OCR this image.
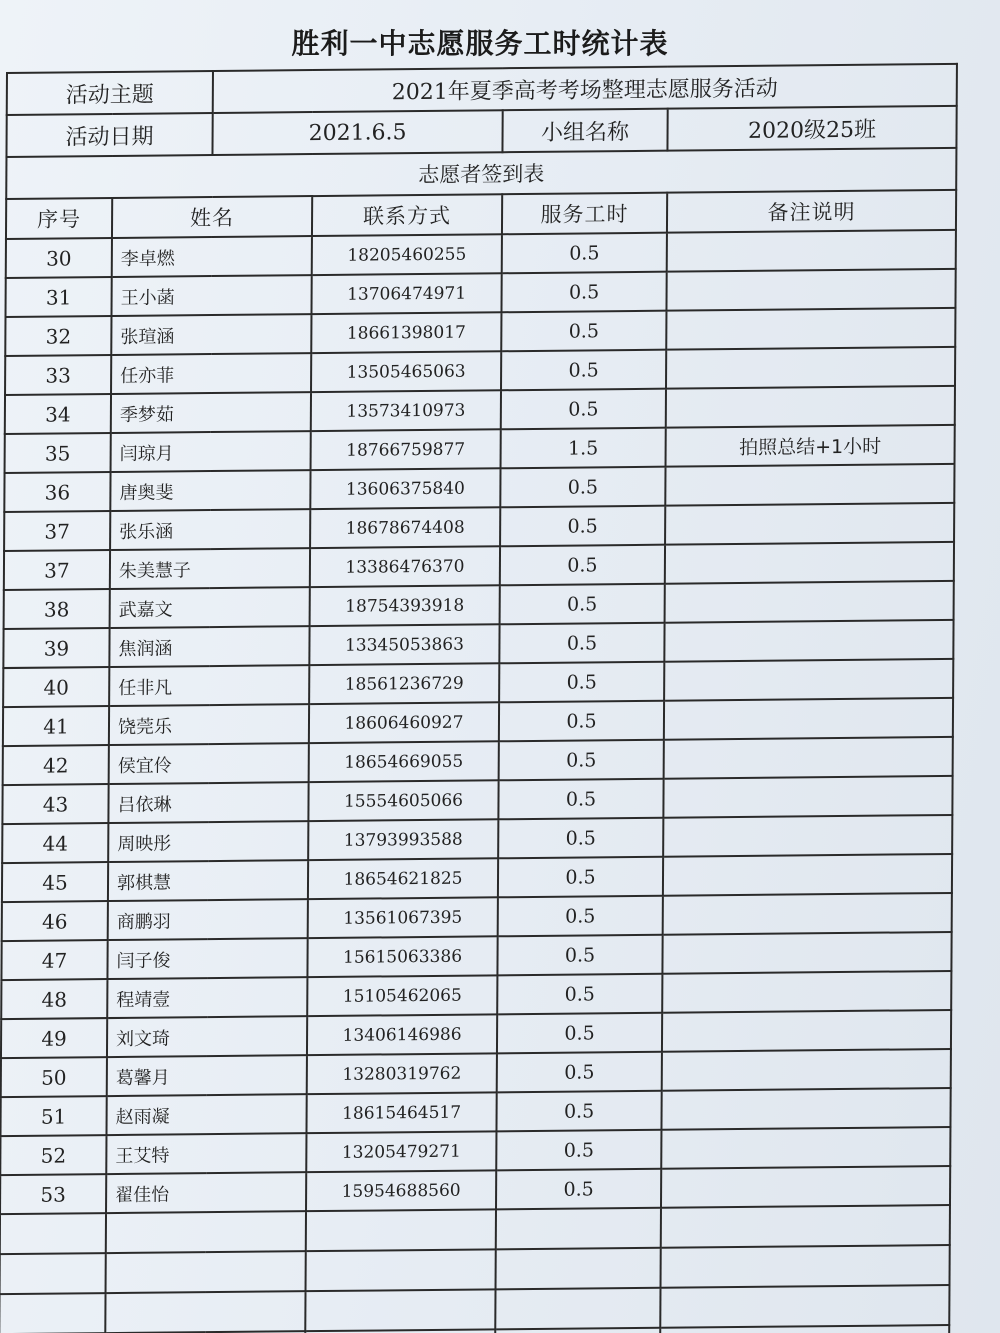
胜利一中志愿服务工时统计表
活动主题		2021年夏季高考考场整理志愿服务活动			
活动日期		2021.6.5		小组名称	2020级25班
志愿者签到表					
序号	姓名		联系方式	服务工时	备注说明
30	李卓燃		18205460255	0.5	
31	王小菡		13706474971	0.5	
32	张瑄涵		18661398017	0.5	
33	任亦菲		13505465063	0.5	
34	季梦茹		13573410973	0.5	
35	闫琼月		18766759877	1.5	拍照总结+1小时
36	唐奥斐		13606375840	0.5	
37	张乐涵		18678674408	0.5	
37	朱美慧子		13386476370	0.5	
38	武嘉文		18754393918	0.5	
39	焦润涵		13345053863	0.5	
40	任非凡		18561236729	0.5	
41	饶莞乐		18606460927	0.5	
42	侯宜伶		18654669055	0.5	
43	吕依琳		15554605066	0.5	
44	周映彤		13793993588	0.5	
45	郭棋慧		18654621825	0.5	
46	商鹏羽		13561067395	0.5	
47	闫子俊		15615063386	0.5	
48	程靖壹		15105462065	0.5	
49	刘文琦		13406146986	0.5	
50	葛馨月		13280319762	0.5	
51	赵雨凝		18615464517	0.5	
52	王艾特		13205479271	0.5	
53	翟佳怡		15954688560	0.5	
